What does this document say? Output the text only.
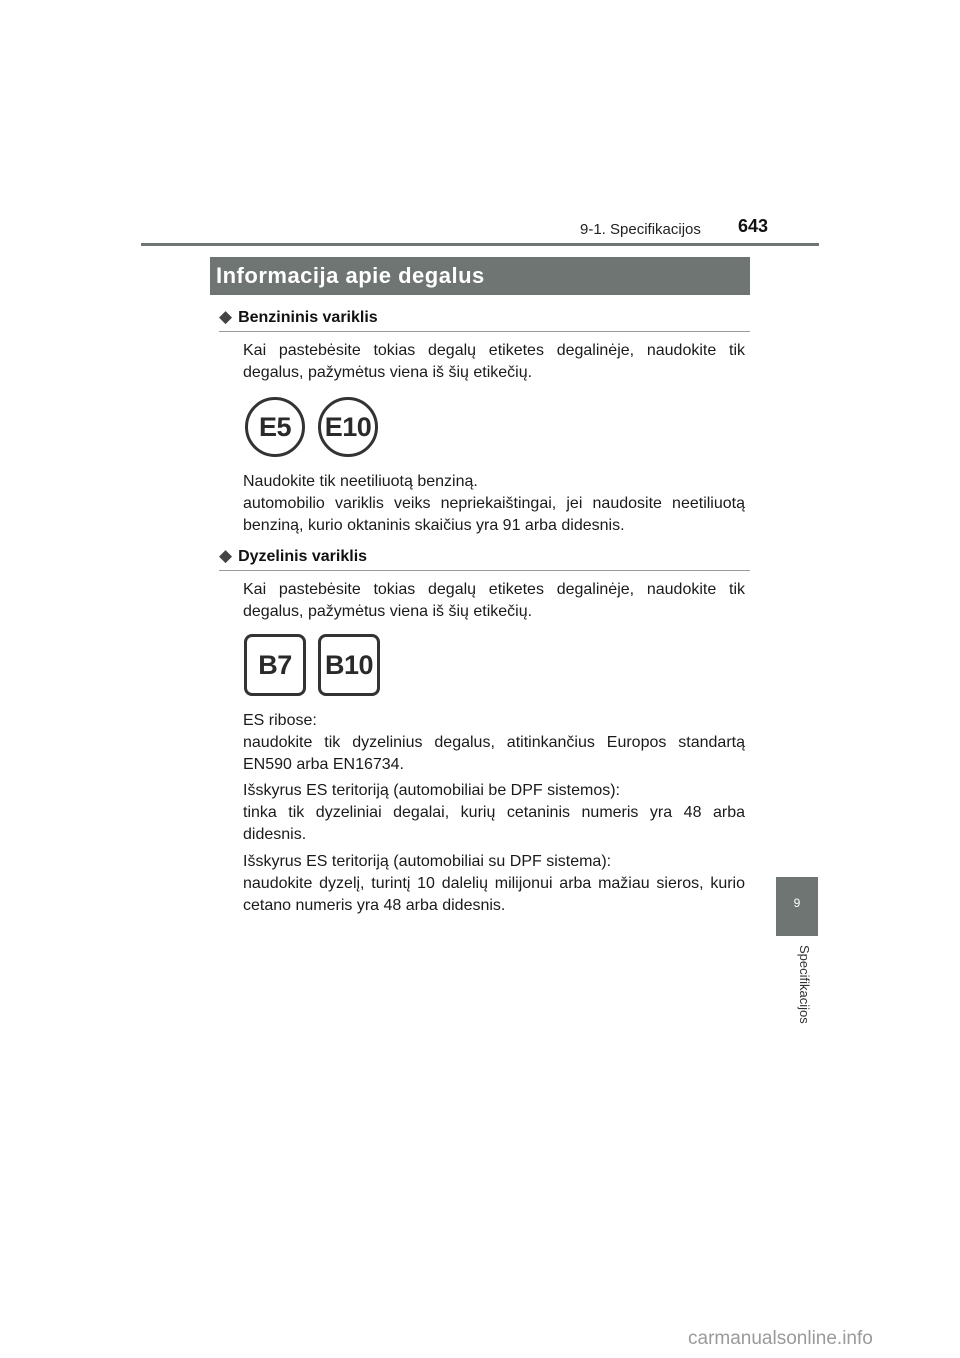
9-1. Specifikacijos 643
Informacija apie degalus
◆ Benzininis variklis

Kai pastebėsite tokias degalų etiketes degalinėje, naudokite tik degalus, pažymėtus viena iš šių etikečių.

E5	E10

Naudokite tik neetiliuotą benziną.

automobilio variklis veiks nepriekaištingai, jei naudosite neetiliuotą benziną, kurio oktaninis skaičius yra 91 arba didesnis.

◆ Dyzelinis variklis

Kai pastebėsite tokias degalų etiketes degalinėje, naudokite tik degalus, pažymėtus viena iš šių etikečių.

B7	B10

ES ribose:

naudokite tik dyzelinius degalus, atitinkančius Europos standartą EN590 arba EN16734.

Išskyrus ES teritoriją (automobiliai be DPF sistemos):

tinka tik dyzeliniai degalai, kurių cetaninis numeris yra 48 arba didesnis.

Išskyrus ES teritoriją (automobiliai su DPF sistema):

naudokite dyzelį, turintį 10 dalelių milijonui arba mažiau sieros, kurio cetano numeris yra 48 arba didesnis.	9
Specifikacijos
carmanualsonline.info
